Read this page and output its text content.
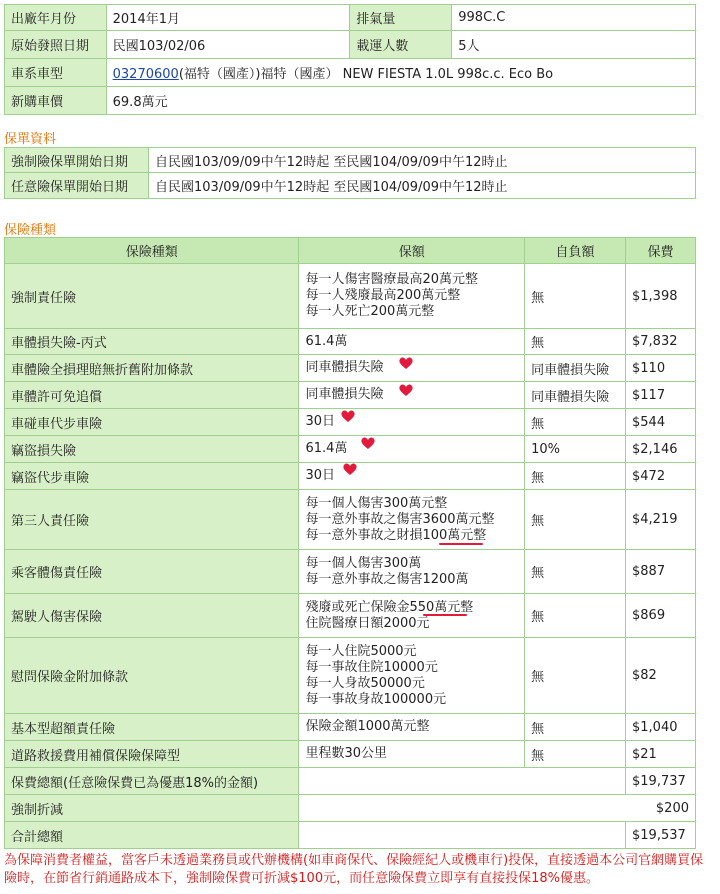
出廠年月份	2014年1月	排氣量	998C.C
原始發照日期	民國103/02/06	載運人數	5人
車系車型	03270600(福特（國產）)福特（國產） NEW FIESTA 1.0L 998c.c. Eco Bo		
新購車價	69.8萬元		
保單資料
強制險保單開始日期	自民國103/09/09中午12時起 至民國104/09/09中午12時止
任意險保單開始日期	自民國103/09/09中午12時起 至民國104/09/09中午12時止
保險種類
保險種類	保額	自負額	保費
強制責任險	每一人傷害醫療最高20萬元整
每一人殘廢最高200萬元整
每一人死亡200萬元整	無	$1,398
車體損失險-丙式	61.4萬	無	$7,832
車體險全損理賠無折舊附加條款	同車體損失險	同車體損失險	$110
車體許可免追償	同車體損失險	同車體損失險	$117
車碰車代步車險	30日	無	$544
竊盜損失險	61.4萬	10%	$2,146
竊盜代步車險	30日	無	$472
第三人責任險	每一個人傷害300萬元整
每一意外事故之傷害3600萬元整
每一意外事故之財損100萬元整	無	$4,219
乘客體傷責任險	每一個人傷害300萬
每一意外事故之傷害1200萬	無	$887
駕駛人傷害保險	殘廢或死亡保險金550萬元整
住院醫療日額2000元	無	$869
慰問保險金附加條款	每一人住院5000元
每一事故住院10000元
每一人身故50000元
每一事故身故100000元	無	$82
基本型超額責任險	保險金額1000萬元整	無	$1,040
道路救援費用補償保險保障型	里程數30公里	無	$21
保費總額(任意險保費已為優惠18%的金額)			$19,737
強制折減	$200		
合計總額			$19,537
為保障消費者權益，當客戶未透過業務員或代辦機構(如車商保代、保險經紀人或機車行)投保，直接透過本公司官網購買保險時，在節省行銷通路成本下，強制險保費可折減$100元，而任意險保費立即享有直接投保18%優惠。
